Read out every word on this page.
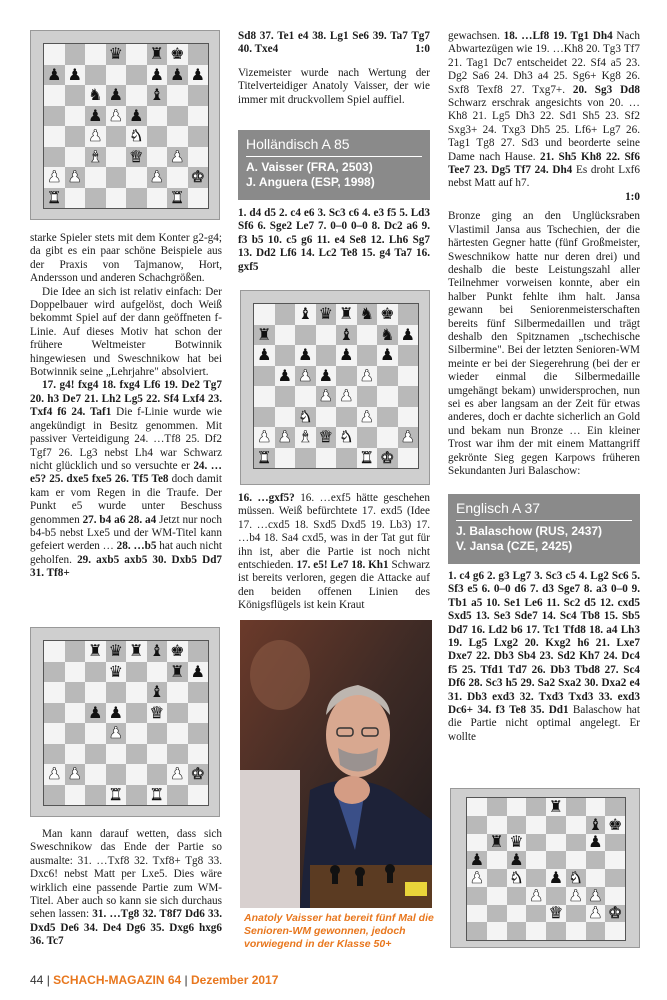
♛ ♜ ♚
♟ ♟	♟ ♟ ♟
♞ ♟ ♝
♟ ♟ ♟
♟ ♞
♝ ♛ ♟
♟ ♟	♟ ♚
♜	♜

starke Spieler stets mit dem Konter g2-g4; da gibt es ein paar schöne Beispiele aus der Praxis von Tajmanow, Hort, Andersson und anderen Schachgrößen.

Die Idee an sich ist relativ einfach: Der Doppelbauer wird aufgelöst, doch Weiß bekommt Spiel auf der dann geöffneten f-Linie. Auf dieses Motiv hat schon der frühere Weltmeister Botwinnik hingewiesen und Sweschnikow hat bei Botwinnik seine „Lehrjahre" absolviert.

17. g4! fxg4 18. fxg4 Lf6 19. De2 Tg7 20. h3 De7 21. Lh2 Lg5 22. Sf4 Lxf4 23. Txf4 f6 24. Taf1 Die f-Linie wurde wie angekündigt in Besitz genommen. Mit passiver Verteidigung 24. …Tf8 25. Df2 Tgf7 26. Lg3 nebst Lh4 war Schwarz nicht glücklich und so versuchte er 24. …e5? 25. dxe5 fxe5 26. Tf5 Te8 doch damit kam er vom Regen in die Traufe. Der Punkt e5 wurde unter Beschuss genommen 27. b4 a6 28. a4 Jetzt nur noch b4-b5 nebst Lxe5 und der WM-Titel kann gefeiert werden … 28. …b5 hat auch nicht geholfen. 29. axb5 axb5 30. Dxb5 Dd7 31. Tf8+

♜ ♛ ♜ ♝ ♚
♛	♜ ♟
♝
♟ ♟ ♛
♟
♟ ♟	♟ ♚
♜ ♜

Man kann darauf wetten, dass sich Sweschnikow das Ende der Partie so ausmalte: 31. …Txf8 32. Txf8+ Tg8 33. Dxc6! nebst Matt per Lxe5. Dies wäre wirklich eine passende Partie zum WM-Titel. Aber auch so kann sie sich durchaus sehen lassen: 31. …Tg8 32. T8f7 Dd6 33. Dxd5 De6 34. De4 Dg6 35. Dxg6 hxg6 36. Tc7

Sd8 37. Te1 e4 38. Lg1 Se6 39. Ta7 Tg7 40. Txe4	1:0

Vizemeister wurde nach Wertung der Titelverteidiger Anatoly Vaisser, der wie immer mit druckvollem Spiel auffiel.

Holländisch A 85
A. Vaisser (FRA, 2503)
J. Anguera (ESP, 1998)

1. d4 d5 2. c4 e6 3. Sc3 c6 4. e3 f5 5. Ld3 Sf6 6. Sge2 Le7 7. 0–0 0–0 8. Dc2 a6 9. f3 b5 10. c5 g6 11. e4 Se8 12. Lh6 Sg7 13. Dd2 Lf6 14. Lc2 Te8 15. g4 Ta7 16. gxf5

♝ ♛ ♜ ♞ ♚
♜	♝ ♞ ♟
♟ ♟ ♟ ♟
♟ ♟ ♟ ♟
♟ ♟
♞	♟
♟ ♟ ♝ ♛ ♞	♟
♜	♜ ♚

16. …gxf5? 16. …exf5 hätte geschehen müssen. Weiß befürchtete 17. exd5 (Idee 17. …cxd5 18. Sxd5 Dxd5 19. Lb3) 17. …b4 18. Sa4 cxd5, was in der Tat gut für ihn ist, aber die Partie ist noch nicht entschieden. 17. e5! Le7 18. Kh1 Schwarz ist bereits verloren, gegen die Attacke auf den beiden offenen Linien des Königsflügels ist kein Kraut

Anatoly Vaisser hat bereit fünf Mal die Senioren-WM gewonnen, jedoch vorwiegend in der Klasse 50+

gewachsen. 18. …Lf8 19. Tg1 Dh4 Nach Abwartezügen wie 19. …Kh8 20. Tg3 Tf7 21. Tag1 Dc7 entscheidet 22. Sf4 a5 23. Dg2 Sa6 24. Dh3 a4 25. Sg6+ Kg8 26. Sxf8 Texf8 27. Txg7+. 20. Sg3 Dd8 Schwarz erschrak angesichts von 20. …Kh8 21. Lg5 Dh3 22. Sd1 Sh5 23. Sf2 Sxg3+ 24. Txg3 Dh5 25. Lf6+ Lg7 26. Tag1 Tg8 27. Sd3 und beorderte seine Dame nach Hause. 21. Sh5 Kh8 22. Sf6 Tee7 23. Dg5 Tf7 24. Dh4 Es droht Lxf6 nebst Matt auf h7.

1:0

Bronze ging an den Unglücksraben Vlastimil Jansa aus Tschechien, der die härtesten Gegner hatte (fünf Großmeister, Sweschnikow hatte nur deren drei) und deshalb die beste Leistungszahl aller Teilnehmer vorweisen konnte, aber ein halber Punkt fehlte ihm halt. Jansa gewann bei Seniorenmeisterschaften bereits fünf Silbermedaillen und trägt deshalb den Spitznamen „tschechische Silbermine". Bei der letzten Senioren-WM meinte er bei der Siegerehrung (bei der er wieder einmal die Silbermedaille umgehängt bekam) unwidersprochen, nun sei es aber langsam an der Zeit für etwas anderes, doch er dachte sicherlich an Gold und bekam nun Bronze … Ein kleiner Trost war ihm der mit einem Mattangriff gekrönte Sieg gegen Karpows früheren Sekundanten Juri Balaschow:

Englisch A 37
J. Balaschow (RUS, 2437)
V. Jansa (CZE, 2425)

1. c4 g6 2. g3 Lg7 3. Sc3 c5 4. Lg2 Sc6 5. Sf3 e5 6. 0–0 d6 7. d3 Sge7 8. a3 0–0 9. Tb1 a5 10. Se1 Le6 11. Sc2 d5 12. cxd5 Sxd5 13. Se3 Sde7 14. Sc4 Tb8 15. Sb5 Dd7 16. Ld2 b6 17. Tc1 Tfd8 18. a4 Lh3 19. Lg5 Lxg2 20. Kxg2 h6 21. Lxe7 Dxe7 22. Db3 Sb4 23. Sd2 Kh7 24. Dc4 f5 25. Tfd1 Td7 26. Db3 Tbd8 27. Sc4 Df6 28. Sc3 h5 29. Sa2 Sxa2 30. Dxa2 e4 31. Db3 exd3 32. Txd3 Txd3 33. exd3 Dc6+ 34. f3 Te8 35. Dd1 Balaschow hat die Partie nicht optimal angelegt. Er wollte

♜
♝ ♚
♜ ♛	♟
♟ ♟
♟ ♞ ♟ ♞
♟ ♟ ♟
♛ ♟ ♚
44 | SCHACH-MAGAZIN 64 | Dezember 2017
